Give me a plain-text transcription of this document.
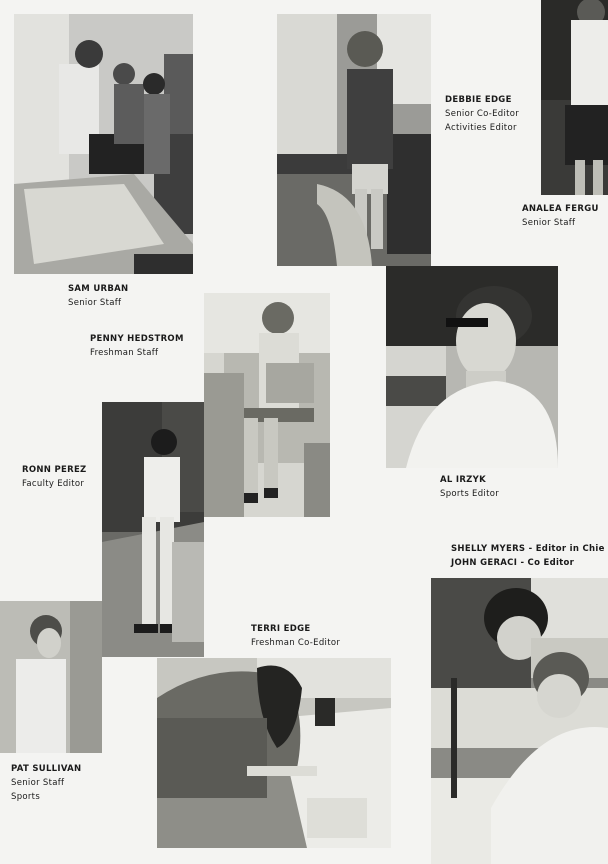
SAM URBAN
Senior Staff
DEBBIE EDGE
Senior Co-Editor
Activities Editor
ANALEA FERGU
Senior Staff
PENNY HEDSTROM
Freshman Staff
RONN PEREZ
Faculty Editor	AL IRZYK
Sports Editor
SHELLY MYERS - Editor in Chie
JOHN GERACI - Co Editor
TERRI EDGE
Freshman Co-Editor
PAT SULLIVAN
Senior Staff
Sports
